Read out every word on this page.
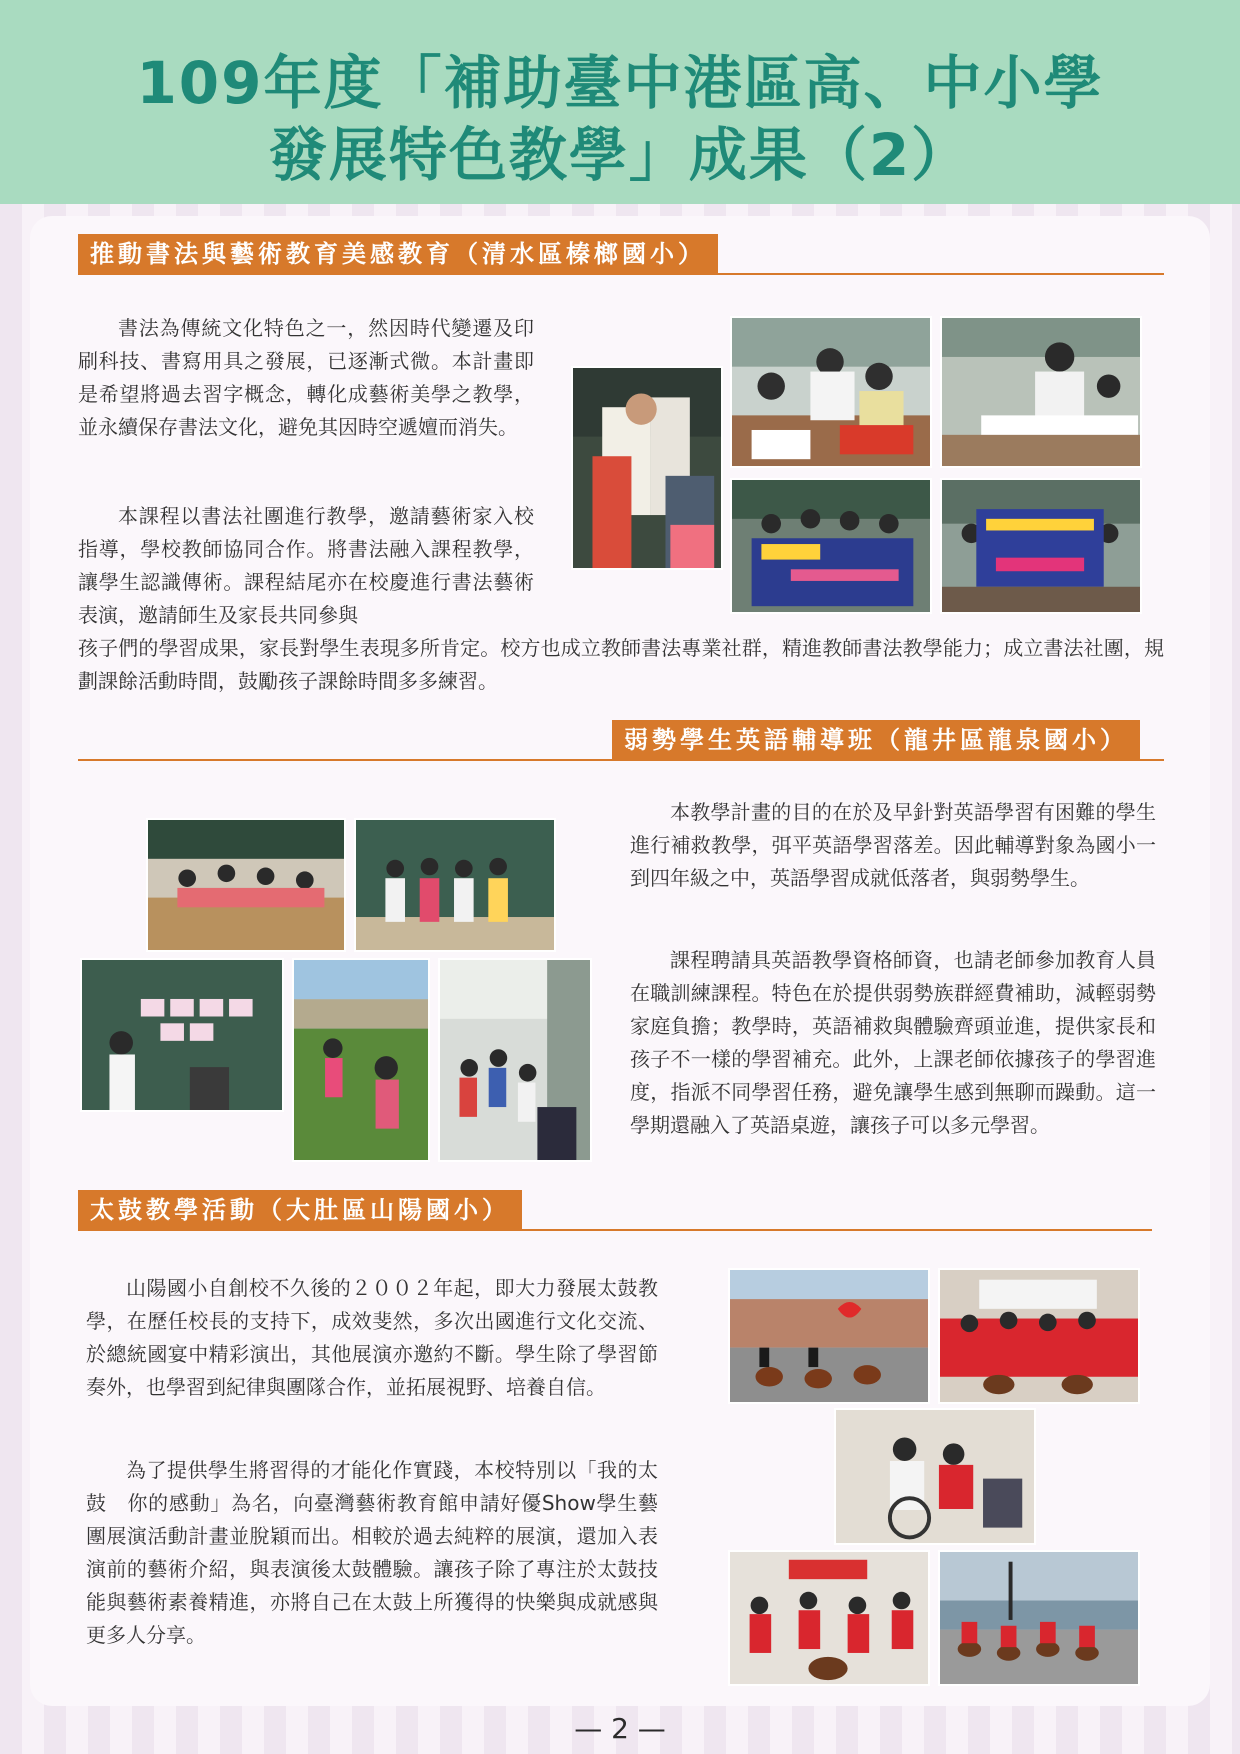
109年度「補助臺中港區高、中小學
發展特色教學」成果（2）
推動書法與藝術教育美感教育（清水區榛榔國小）
書法為傳統文化特色之一，然因時代變遷及印刷科技、書寫用具之發展，已逐漸式微。本計畫即是希望將過去習字概念，轉化成藝術美學之教學，並永續保存書法文化，避免其因時空遞嬗而消失。
本課程以書法社團進行教學，邀請藝術家入校指導，學校教師協同合作。將書法融入課程教學，讓學生認識傳術。課程結尾亦在校慶進行書法藝術表演，邀請師生及家長共同參與
孩子們的學習成果，家長對學生表現多所肯定。校方也成立教師書法專業社群，精進教師書法教學能力；成立書法社團，規劃課餘活動時間，鼓勵孩子課餘時間多多練習。
弱勢學生英語輔導班（龍井區龍泉國小）
本教學計畫的目的在於及早針對英語學習有困難的學生進行補救教學，弭平英語學習落差。因此輔導對象為國小一到四年級之中，英語學習成就低落者，與弱勢學生。
課程聘請具英語教學資格師資，也請老師參加教育人員在職訓練課程。特色在於提供弱勢族群經費補助，減輕弱勢家庭負擔；教學時，英語補救與體驗齊頭並進，提供家長和孩子不一樣的學習補充。此外，上課老師依據孩子的學習進度，指派不同學習任務，避免讓學生感到無聊而躁動。這一學期還融入了英語桌遊，讓孩子可以多元學習。
太鼓教學活動（大肚區山陽國小）
山陽國小自創校不久後的２００２年起，即大力發展太鼓教學，在歷任校長的支持下，成效斐然，多次出國進行文化交流、於總統國宴中精彩演出，其他展演亦邀約不斷。學生除了學習節奏外，也學習到紀律與團隊合作，並拓展視野、培養自信。
為了提供學生將習得的才能化作實踐，本校特別以「我的太鼓　你的感動」為名，向臺灣藝術教育館申請好優Show學生藝團展演活動計畫並脫穎而出。相較於過去純粹的展演，還加入表演前的藝術介紹，與表演後太鼓體驗。讓孩子除了專注於太鼓技能與藝術素養精進，亦將自己在太鼓上所獲得的快樂與成就感與更多人分享。
— 2 —
